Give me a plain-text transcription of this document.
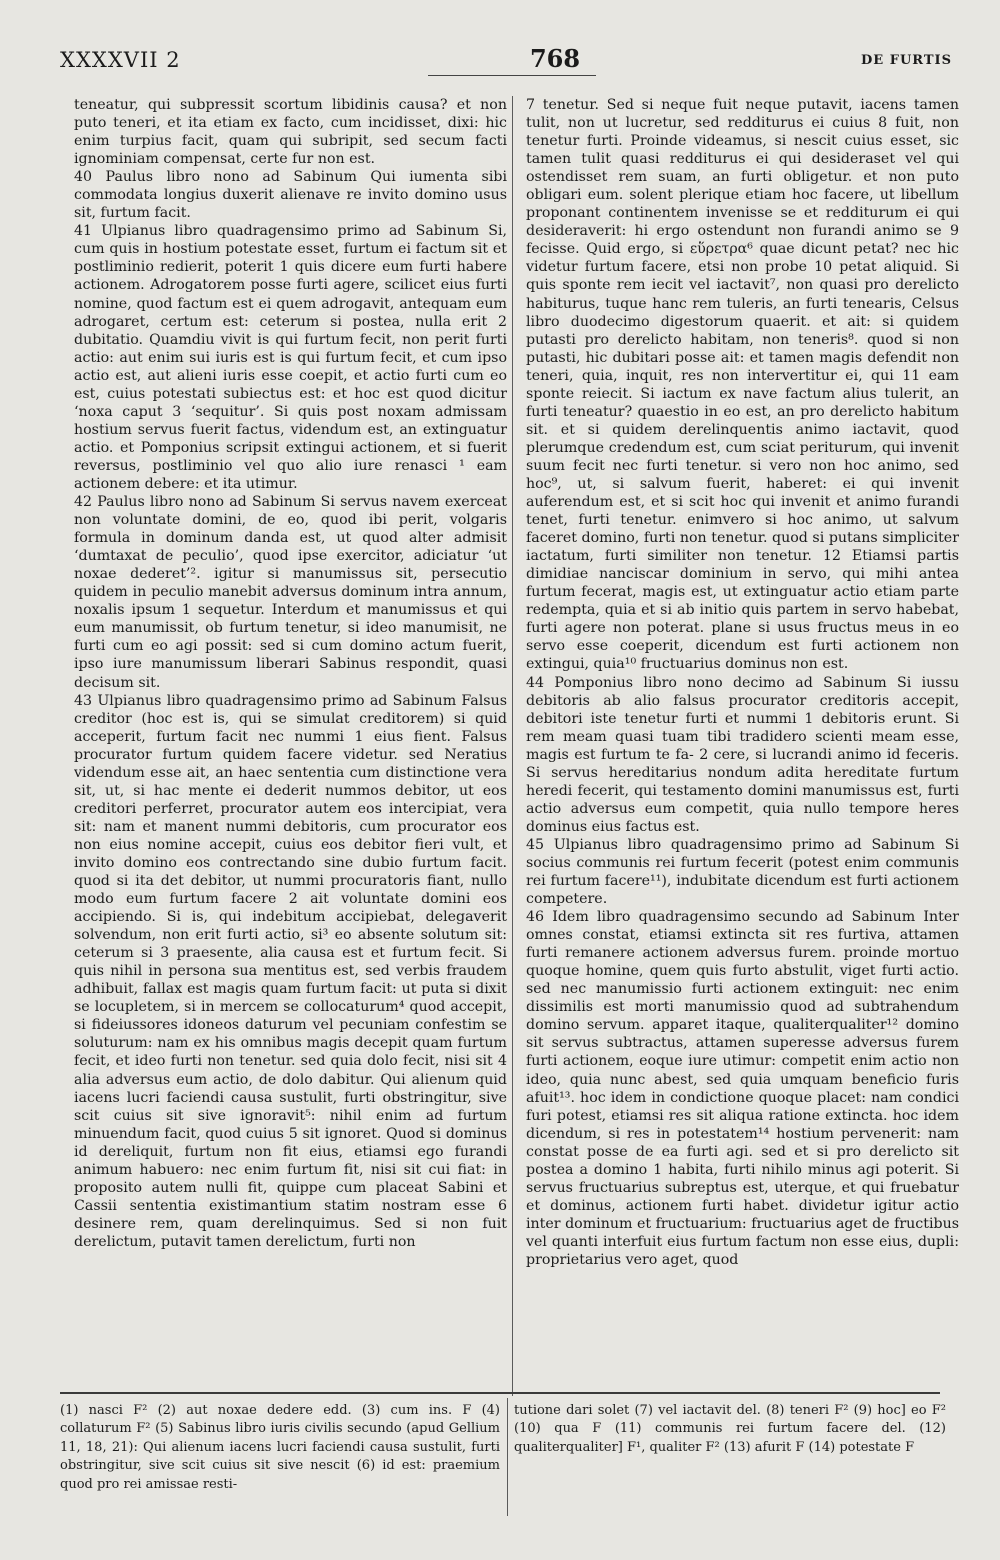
XXXXVII 2	768	DE FURTIS

teneatur, qui subpressit scortum libidinis causa? et non puto teneri, et ita etiam ex facto, cum incidisset, dixi: hic enim turpius facit, quam qui subripit, sed secum facti ignominiam compensat, certe fur non est.

40 Paulus libro nono ad Sabinum Qui iumenta sibi commodata longius duxerit alienave re invito domino usus sit, furtum facit.

41 Ulpianus libro quadragensimo primo ad Sabinum Si, cum quis in hostium potestate esset, furtum ei factum sit et postliminio redierit, poterit 1 quis dicere eum furti habere actionem. Adrogatorem posse furti agere, scilicet eius furti nomine, quod factum est ei quem adrogavit, antequam eum adrogaret, certum est: ceterum si postea, nulla erit 2 dubitatio. Quamdiu vivit is qui furtum fecit, non perit furti actio: aut enim sui iuris est is qui furtum fecit, et cum ipso actio est, aut alieni iuris esse coepit, et actio furti cum eo est, cuius potestati subiectus est: et hoc est quod dicitur ‘noxa caput 3 ‘sequitur’. Si quis post noxam admissam hostium servus fuerit factus, videndum est, an extinguatur actio. et Pomponius scripsit extingui actionem, et si fuerit reversus, postliminio vel quo alio iure renasci ¹ eam actionem debere: et ita utimur.

42 Paulus libro nono ad Sabinum Si servus navem exerceat non voluntate domini, de eo, quod ibi perit, volgaris formula in dominum danda est, ut quod alter admisit ‘dumtaxat de peculio’, quod ipse exercitor, adiciatur ‘ut noxae dederet’². igitur si manumissus sit, persecutio quidem in peculio manebit adversus dominum intra annum, noxalis ipsum 1 sequetur. Interdum et manumissus et qui eum manumissit, ob furtum tenetur, si ideo manumisit, ne furti cum eo agi possit: sed si cum domino actum fuerit, ipso iure manumissum liberari Sabinus respondit, quasi decisum sit.

43 Ulpianus libro quadragensimo primo ad Sabinum Falsus creditor (hoc est is, qui se simulat creditorem) si quid acceperit, furtum facit nec nummi 1 eius fient. Falsus procurator furtum quidem facere videtur. sed Neratius videndum esse ait, an haec sententia cum distinctione vera sit, ut, si hac mente ei dederit nummos debitor, ut eos creditori perferret, procurator autem eos intercipiat, vera sit: nam et manent nummi debitoris, cum procurator eos non eius nomine accepit, cuius eos debitor fieri vult, et invito domino eos contrectando sine dubio furtum facit. quod si ita det debitor, ut nummi procuratoris fiant, nullo modo eum furtum facere 2 ait voluntate domini eos accipiendo. Si is, qui indebitum accipiebat, delegaverit solvendum, non erit furti actio, si³ eo absente solutum sit: ceterum si 3 praesente, alia causa est et furtum fecit. Si quis nihil in persona sua mentitus est, sed verbis fraudem adhibuit, fallax est magis quam furtum facit: ut puta si dixit se locupletem, si in mercem se collocaturum⁴ quod accepit, si fideiussores idoneos daturum vel pecuniam confestim se soluturum: nam ex his omnibus magis decepit quam furtum fecit, et ideo furti non tenetur. sed quia dolo fecit, nisi sit 4 alia adversus eum actio, de dolo dabitur. Qui alienum quid iacens lucri faciendi causa sustulit, furti obstringitur, sive scit cuius sit sive ignoravit⁵: nihil enim ad furtum minuendum facit, quod cuius 5 sit ignoret. Quod si dominus id dereliquit, furtum non fit eius, etiamsi ego furandi animum habuero: nec enim furtum fit, nisi sit cui fiat: in proposito autem nulli fit, quippe cum placeat Sabini et Cassii sententia existimantium statim nostram esse 6 desinere rem, quam derelinquimus. Sed si non fuit derelictum, putavit tamen derelictum, furti non

7 tenetur. Sed si neque fuit neque putavit, iacens tamen tulit, non ut lucretur, sed redditurus ei cuius 8 fuit, non tenetur furti. Proinde videamus, si nescit cuius esset, sic tamen tulit quasi redditurus ei qui desideraset vel qui ostendisset rem suam, an furti obligetur. et non puto obligari eum. solent plerique etiam hoc facere, ut libellum proponant continentem invenisse se et redditurum ei qui desideraverit: hi ergo ostendunt non furandi animo se 9 fecisse. Quid ergo, si εὕρετρα⁶ quae dicunt petat? nec hic videtur furtum facere, etsi non probe 10 petat aliquid. Si quis sponte rem iecit vel iactavit⁷, non quasi pro derelicto habiturus, tuque hanc rem tuleris, an furti tenearis, Celsus libro duodecimo digestorum quaerit. et ait: si quidem putasti pro derelicto habitam, non teneris⁸. quod si non putasti, hic dubitari posse ait: et tamen magis defendit non teneri, quia, inquit, res non intervertitur ei, qui 11 eam sponte reiecit. Si iactum ex nave factum alius tulerit, an furti teneatur? quaestio in eo est, an pro derelicto habitum sit. et si quidem derelinquentis animo iactavit, quod plerumque credendum est, cum sciat periturum, qui invenit suum fecit nec furti tenetur. si vero non hoc animo, sed hoc⁹, ut, si salvum fuerit, haberet: ei qui invenit auferendum est, et si scit hoc qui invenit et animo furandi tenet, furti tenetur. enimvero si hoc animo, ut salvum faceret domino, furti non tenetur. quod si putans simpliciter iactatum, furti similiter non tenetur. 12 Etiamsi partis dimidiae nanciscar dominium in servo, qui mihi antea furtum fecerat, magis est, ut extinguatur actio etiam parte redempta, quia et si ab initio quis partem in servo habebat, furti agere non poterat. plane si usus fructus meus in eo servo esse coeperit, dicendum est furti actionem non extingui, quia¹⁰ fructuarius dominus non est.

44 Pomponius libro nono decimo ad Sabinum Si iussu debitoris ab alio falsus procurator creditoris accepit, debitori iste tenetur furti et nummi 1 debitoris erunt. Si rem meam quasi tuam tibi tradidero scienti meam esse, magis est furtum te fa- 2 cere, si lucrandi animo id feceris. Si servus hereditarius nondum adita hereditate furtum heredi fecerit, qui testamento domini manumissus est, furti actio adversus eum competit, quia nullo tempore heres dominus eius factus est.

45 Ulpianus libro quadragensimo primo ad Sabinum Si socius communis rei furtum fecerit (potest enim communis rei furtum facere¹¹), indubitate dicendum est furti actionem competere.

46 Idem libro quadragensimo secundo ad Sabinum Inter omnes constat, etiamsi extincta sit res furtiva, attamen furti remanere actionem adversus furem. proinde mortuo quoque homine, quem quis furto abstulit, viget furti actio. sed nec manumissio furti actionem extinguit: nec enim dissimilis est morti manumissio quod ad subtrahendum domino servum. apparet itaque, qualiterqualiter¹² domino sit servus subtractus, attamen superesse adversus furem furti actionem, eoque iure utimur: competit enim actio non ideo, quia nunc abest, sed quia umquam beneficio furis afuit¹³. hoc idem in condictione quoque placet: nam condici furi potest, etiamsi res sit aliqua ratione extincta. hoc idem dicendum, si res in potestatem¹⁴ hostium pervenerit: nam constat posse de ea furti agi. sed et si pro derelicto sit postea a domino 1 habita, furti nihilo minus agi poterit. Si servus fructuarius subreptus est, uterque, et qui fruebatur et dominus, actionem furti habet. dividetur igitur actio inter dominum et fructuarium: fructuarius aget de fructibus vel quanti interfuit eius furtum factum non esse eius, dupli: proprietarius vero aget, quod

(1) nasci F² (2) aut noxae dedere edd. (3) cum ins. F (4) collaturum F² (5) Sabinus libro iuris civilis secundo (apud Gellium 11, 18, 21): Qui alienum iacens lucri faciendi causa sustulit, furti obstringitur, sive scit cuius sit sive nescit (6) id est: praemium quod pro rei amissae resti-

tutione dari solet (7) vel iactavit del. (8) teneri F² (9) hoc] eo F² (10) qua F (11) communis rei furtum facere del. (12) qualiterqualiter] F¹, qualiter F² (13) afurit F (14) potestate F
